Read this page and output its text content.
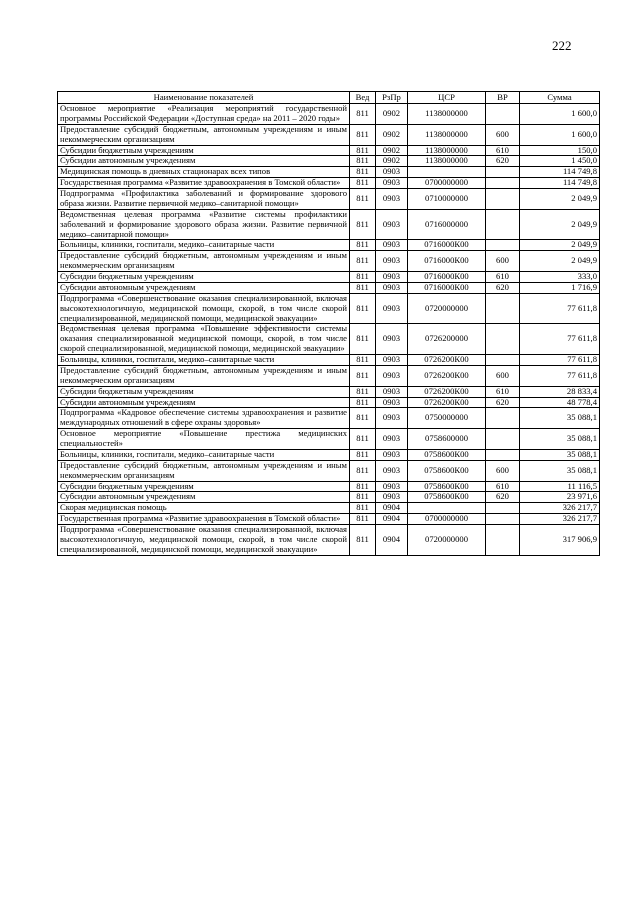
222
Наименование показателей	Вед	РзПр	ЦСР	ВР	Сумма
Основное мероприятие «Реализация мероприятий государственной программы Российской Федерации «Доступная среда» на 2011 – 2020 годы»	811	0902	1138000000		1 600,0
Предоставление субсидий бюджетным, автономным учреждениям и иным некоммерческим организациям	811	0902	1138000000	600	1 600,0
Субсидии бюджетным учреждениям	811	0902	1138000000	610	150,0
Субсидии автономным учреждениям	811	0902	1138000000	620	1 450,0
Медицинская помощь в дневных стационарах всех типов	811	0903			114 749,8
Государственная программа «Развитие здравоохранения в Томской области»	811	0903	0700000000		114 749,8
Подпрограмма «Профилактика заболеваний и формирование здорового образа жизни. Развитие первичной медико–санитарной помощи»	811	0903	0710000000		2 049,9
Ведомственная целевая программа «Развитие системы профилактики заболеваний и формирование здорового образа жизни. Развитие первичной медико–санитарной помощи»	811	0903	0716000000		2 049,9
Больницы, клиники, госпитали, медико–санитарные части	811	0903	0716000К00		2 049,9
Предоставление субсидий бюджетным, автономным учреждениям и иным некоммерческим организациям	811	0903	0716000К00	600	2 049,9
Субсидии бюджетным учреждениям	811	0903	0716000К00	610	333,0
Субсидии автономным учреждениям	811	0903	0716000К00	620	1 716,9
Подпрограмма «Совершенствование оказания специализированной, включая высокотехнологичную, медицинской помощи, скорой, в том числе скорой специализированной, медицинской помощи, медицинской эвакуации»	811	0903	0720000000		77 611,8
Ведомственная целевая программа «Повышение эффективности системы оказания специализированной медицинской помощи, скорой, в том числе скорой специализированной, медицинской помощи, медицинской эвакуации»	811	0903	0726200000		77 611,8
Больницы, клиники, госпитали, медико–санитарные части	811	0903	0726200К00		77 611,8
Предоставление субсидий бюджетным, автономным учреждениям и иным некоммерческим организациям	811	0903	0726200К00	600	77 611,8
Субсидии бюджетным учреждениям	811	0903	0726200К00	610	28 833,4
Субсидии автономным учреждениям	811	0903	0726200К00	620	48 778,4
Подпрограмма «Кадровое обеспечение системы здравоохранения и развитие международных отношений в сфере охраны здоровья»	811	0903	0750000000		35 088,1
Основное мероприятие «Повышение престижа медицинских специальностей»	811	0903	0758600000		35 088,1
Больницы, клиники, госпитали, медико–санитарные части	811	0903	0758600К00		35 088,1
Предоставление субсидий бюджетным, автономным учреждениям и иным некоммерческим организациям	811	0903	0758600К00	600	35 088,1
Субсидии бюджетным учреждениям	811	0903	0758600К00	610	11 116,5
Субсидии автономным учреждениям	811	0903	0758600К00	620	23 971,6
Скорая медицинская помощь	811	0904			326 217,7
Государственная программа «Развитие здравоохранения в Томской области»	811	0904	0700000000		326 217,7
Подпрограмма «Совершенствование оказания специализированной, включая высокотехнологичную, медицинской помощи, скорой, в том числе скорой специализированной, медицинской помощи, медицинской эвакуации»	811	0904	0720000000		317 906,9
